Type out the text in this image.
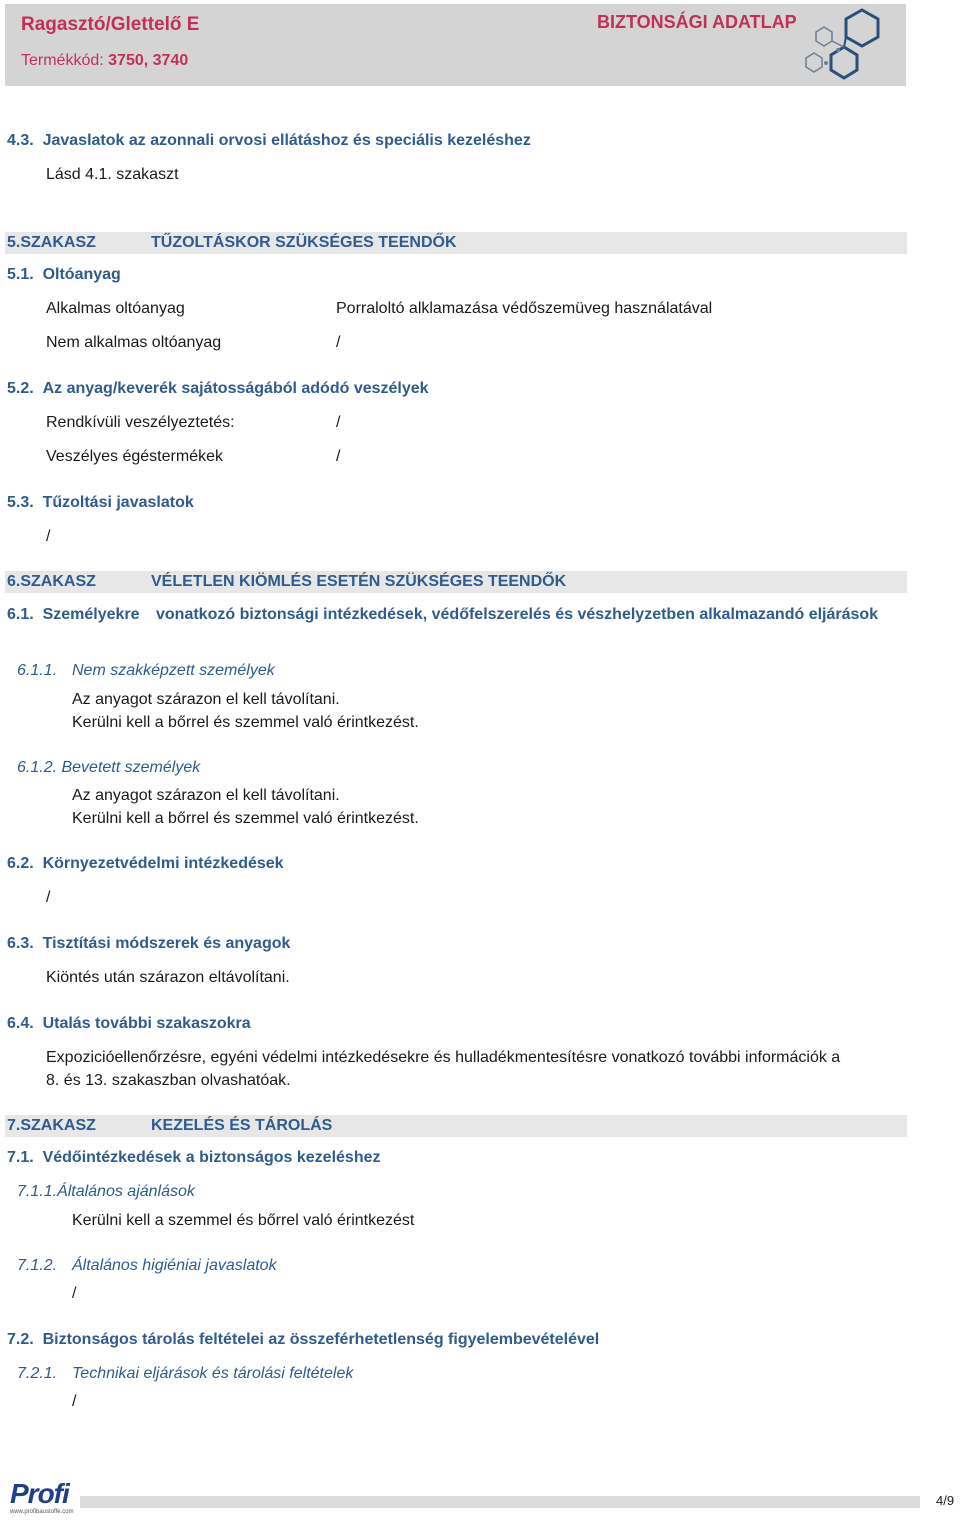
Ragasztó/Glettelő E
Termékkód: 3750, 3740
BIZTONSÁGI ADATLAP
4.3. Javaslatok az azonnali orvosi ellátáshoz és speciális kezeléshez
Lásd 4.1. szakaszt
5.SZAKASZ	TŰZOLTÁSKOR SZÜKSÉGES TEENDŐK
5.1. Oltóanyag
Alkalmas oltóanyag	Porraloltó alklamazása védőszemüveg használatával
Nem alkalmas oltóanyag	/
5.2. Az anyag/keverék sajátosságából adódó veszélyek
Rendkívüli veszélyeztetés:	/
Veszélyes égéstermékek	/
5.3. Tűzoltási javaslatok
/
6.SZAKASZ	VÉLETLEN KIÖMLÉS ESETÉN SZÜKSÉGES TEENDŐK
6.1. Személyekre vonatkozó biztonsági intézkedések, védőfelszerelés és vészhelyzetben alkalmazandó eljárások
6.1.1. Nem szakképzett személyek
Az anyagot szárazon el kell távolítani.
Kerülni kell a bőrrel és szemmel való érintkezést.
6.1.2. Bevetett személyek
Az anyagot szárazon el kell távolítani.
Kerülni kell a bőrrel és szemmel való érintkezést.
6.2. Környezetvédelmi intézkedések
/
6.3. Tisztítási módszerek és anyagok
Kiöntés után szárazon eltávolítani.
6.4. Utalás további szakaszokra
Expozicióellenőrzésre, egyéni védelmi intézkedésekre és hulladékmentesítésre vonatkozó további információk a
8. és 13. szakaszban olvashatóak.
7.SZAKASZ	KEZELÉS ÉS TÁROLÁS
7.1. Védőintézkedések a biztonságos kezeléshez
7.1.1.Általános ajánlások
Kerülni kell a szemmel és bőrrel való érintkezést
7.1.2. Általános higiéniai javaslatok
/
7.2. Biztonságos tárolás feltételei az összeférhetetlenség figyelembevételével
7.2.1. Technikai eljárások és tárolási feltételek
/
Profi
www.profibaustoffe.com
4/9
